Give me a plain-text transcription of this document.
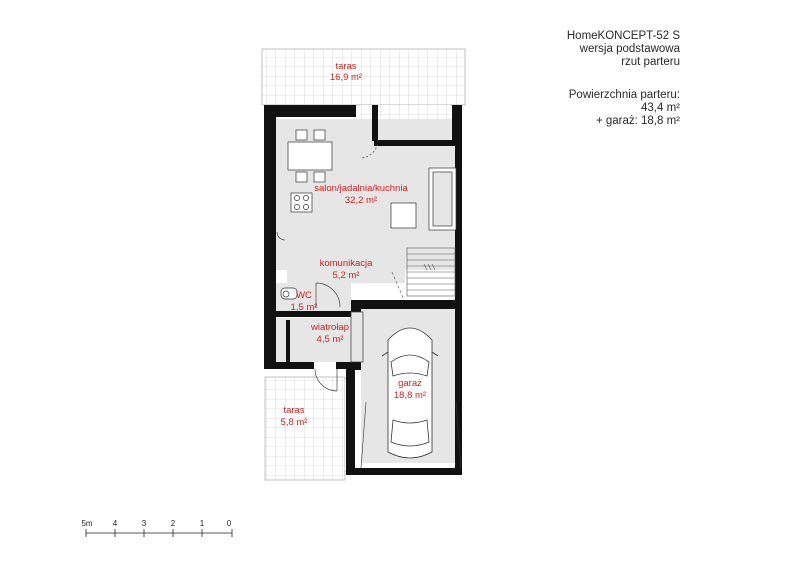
HomeKONCEPT-52 S
wersja podstawowa
rzut parteru
Powierzchnia parteru:
43,4 m²
+ garaż: 18,8 m²
taras
16,9 m²
salon/jadalnia/kuchnia
32,2 m²
komunikacja
5,2 m²
WC
1,5 m²
wiatrołap
4,5 m²
garaż
18,8 m²
taras
5,8 m²
0
1
2
3
4
5m
